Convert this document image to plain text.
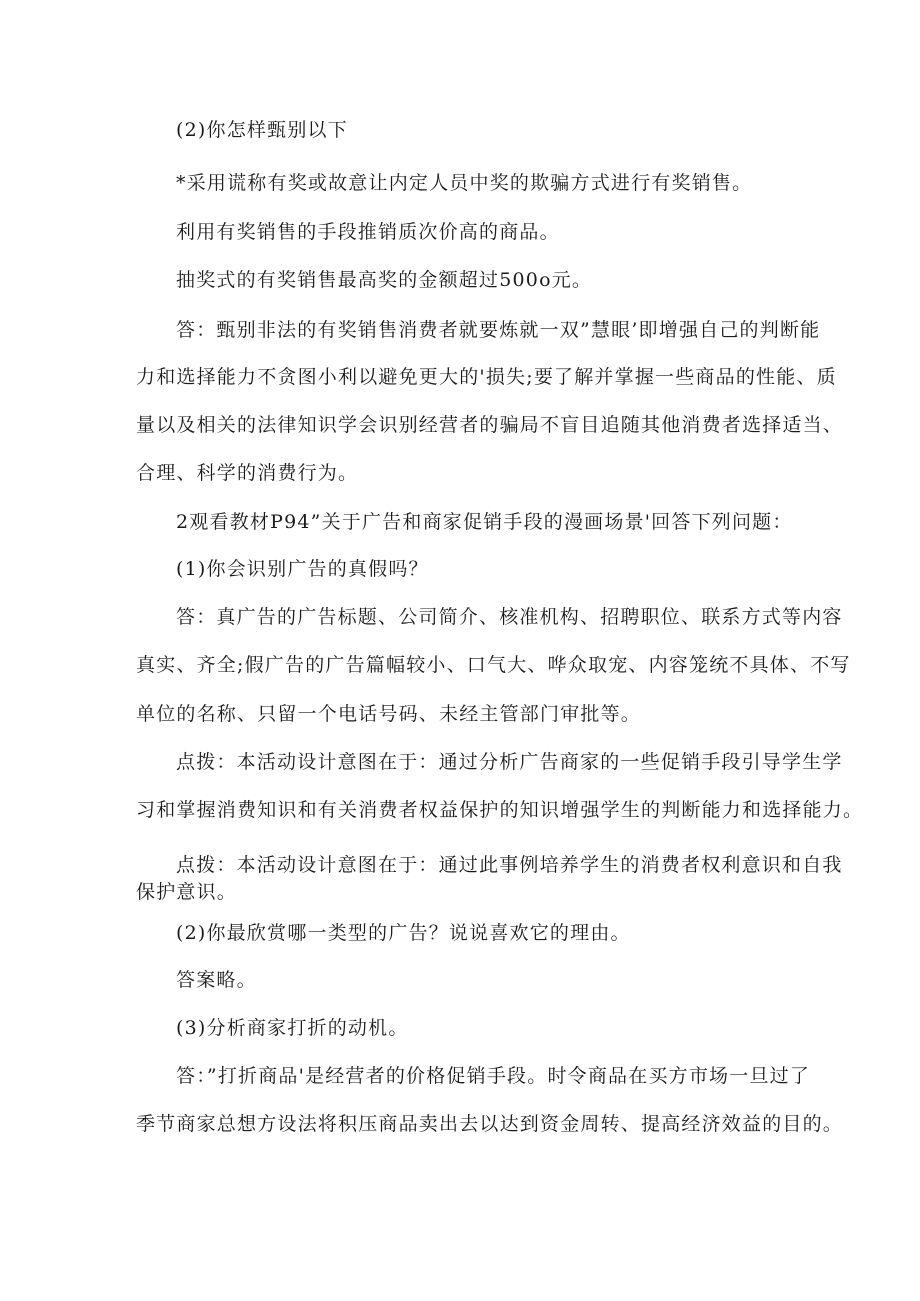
(2)你怎样甄别以下
*采用谎称有奖或故意让内定人员中奖的欺骗方式进行有奖销售。
利用有奖销售的手段推销质次价高的商品。
抽奖式的有奖销售最高奖的金额超过500o元。
答：甄别非法的有奖销售消费者就要炼就一双”慧眼’即增强自己的判断能
力和选择能力不贪图小利以避免更大的'损失;要了解并掌握一些商品的性能、质
量以及相关的法律知识学会识别经营者的骗局不盲目追随其他消费者选择适当、
合理、科学的消费行为。
2观看教材P94”关于广告和商家促销手段的漫画场景'回答下列问题：
(1)你会识别广告的真假吗？
答：真广告的广告标题、公司简介、核准机构、招聘职位、联系方式等内容
真实、齐全;假广告的广告篇幅较小、口气大、哗众取宠、内容笼统不具体、不写
单位的名称、只留一个电话号码、未经主管部门审批等。
点拨：本活动设计意图在于：通过分析广告商家的一些促销手段引导学生学
习和掌握消费知识和有关消费者权益保护的知识增强学生的判断能力和选择能力。
点拨：本活动设计意图在于：通过此事例培养学生的消费者权利意识和自我
保护意识。
(2)你最欣赏哪一类型的广告？说说喜欢它的理由。
答案略。
(3)分析商家打折的动机。
答：”打折商品'是经营者的价格促销手段。时令商品在买方市场一旦过了
季节商家总想方设法将积压商品卖出去以达到资金周转、提高经济效益的目的。
